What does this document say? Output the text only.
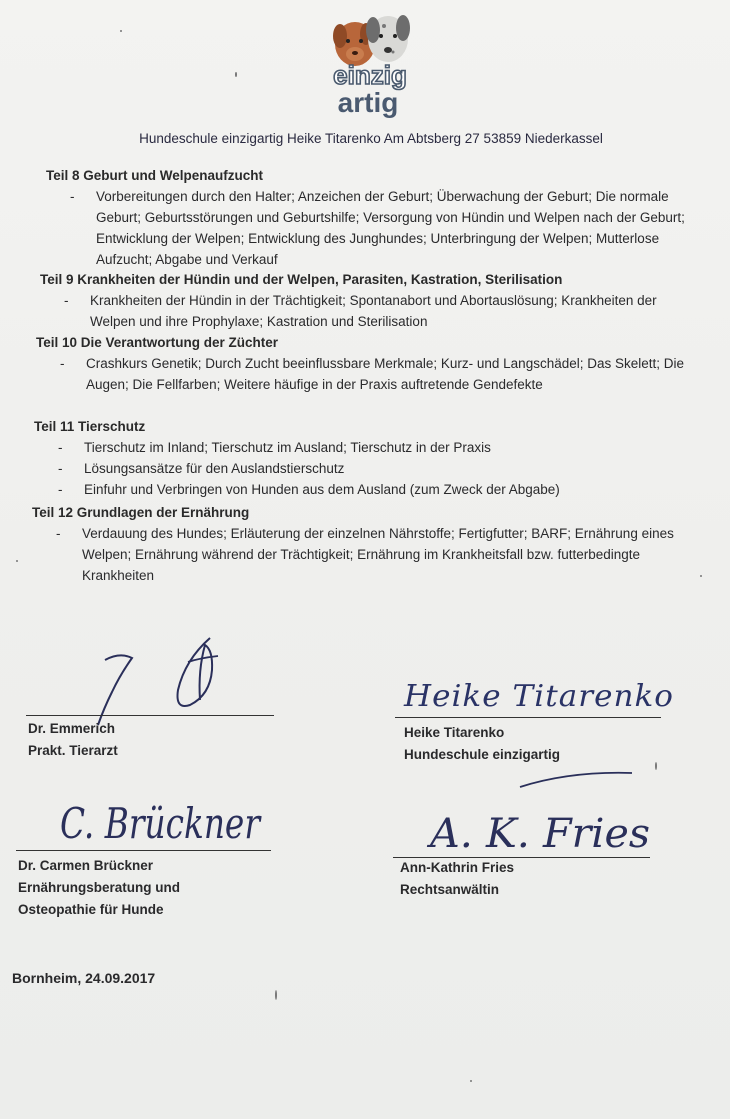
einzig
artig
Hundeschule einzigartig Heike Titarenko Am Abtsberg 27 53859 Niederkassel
Teil 8 Geburt und Welpenaufzucht
- Vorbereitungen durch den Halter; Anzeichen der Geburt; Überwachung der Geburt; Die normale Geburt; Geburtsstörungen und Geburtshilfe; Versorgung von Hündin und Welpen nach der Geburt; Entwicklung der Welpen; Entwicklung des Junghundes; Unterbringung der Welpen; Mutterlose Aufzucht; Abgabe und Verkauf
Teil 9 Krankheiten der Hündin und der Welpen, Parasiten, Kastration, Sterilisation
- Krankheiten der Hündin in der Trächtigkeit; Spontanabort und Abortauslösung; Krankheiten der Welpen und ihre Prophylaxe; Kastration und Sterilisation
Teil 10 Die Verantwortung der Züchter
- Crashkurs Genetik; Durch Zucht beeinflussbare Merkmale; Kurz- und Langschädel; Das Skelett; Die Augen; Die Fellfarben; Weitere häufige in der Praxis auftretende Gendefekte
Teil 11 Tierschutz
- Tierschutz im Inland; Tierschutz im Ausland; Tierschutz in der Praxis
- Lösungsansätze für den Auslandstierschutz
- Einfuhr und Verbringen von Hunden aus dem Ausland (zum Zweck der Abgabe)
Teil 12 Grundlagen der Ernährung
- Verdauung des Hundes; Erläuterung der einzelnen Nährstoffe; Fertigfutter; BARF; Ernährung eines Welpen; Ernährung während der Trächtigkeit; Ernährung im Krankheitsfall bzw. futterbedingte Krankheiten
Dr. Emmerich
Prakt. Tierarzt
Heike Titarenko
Heike Titarenko
Hundeschule einzigartig
C. Brückner
Dr. Carmen Brückner
Ernährungsberatung und Osteopathie für Hunde
A. K. Fries
Ann-Kathrin Fries
Rechtsanwältin
Bornheim, 24.09.2017
